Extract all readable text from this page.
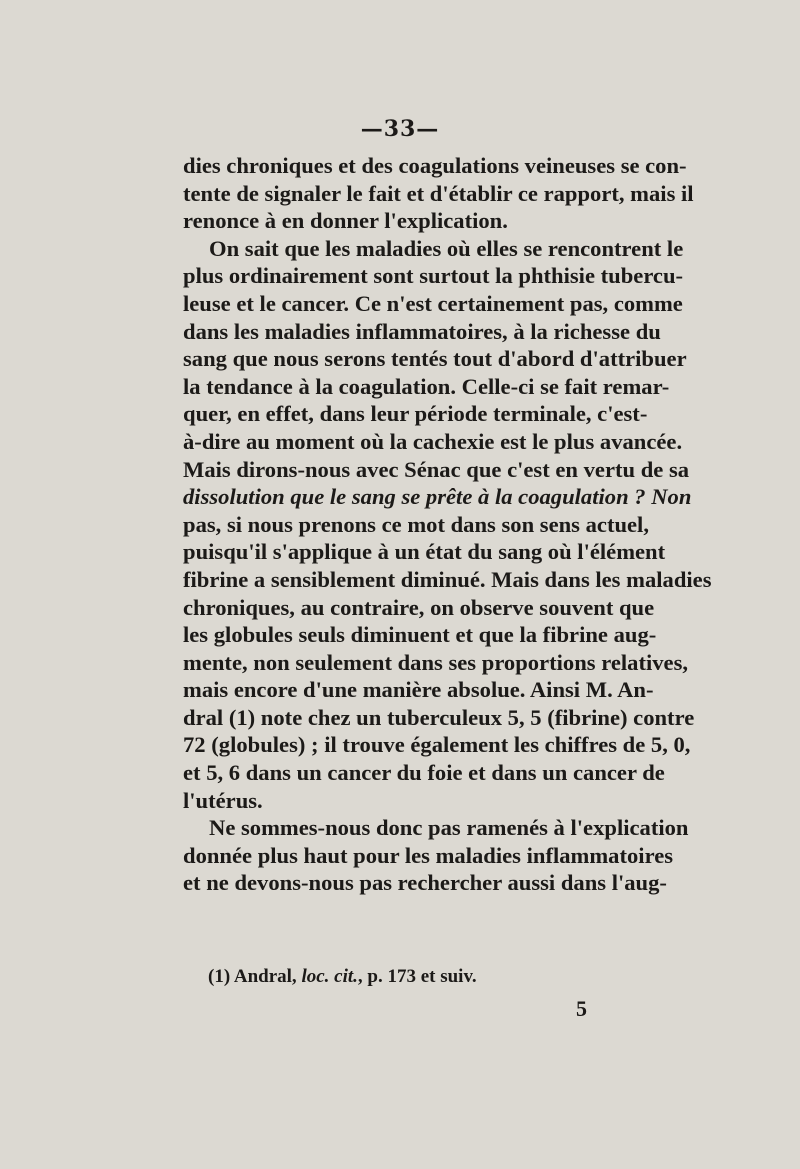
—33—
dies chroniques et des coagulations veineuses se con-
tente de signaler le fait et d'établir ce rapport, mais il
renonce à en donner l'explication.
On sait que les maladies où elles se rencontrent le
plus ordinairement sont surtout la phthisie tubercu-
leuse et le cancer. Ce n'est certainement pas, comme
dans les maladies inflammatoires, à la richesse du
sang que nous serons tentés tout d'abord d'attribuer
la tendance à la coagulation. Celle-ci se fait remar-
quer, en effet, dans leur période terminale, c'est-
à-dire au moment où la cachexie est le plus avancée.
Mais dirons-nous avec Sénac que c'est en vertu de sa
dissolution que le sang se prête à la coagulation ? Non
pas, si nous prenons ce mot dans son sens actuel,
puisqu'il s'applique à un état du sang où l'élément
fibrine a sensiblement diminué. Mais dans les maladies
chroniques, au contraire, on observe souvent que
les globules seuls diminuent et que la fibrine aug-
mente, non seulement dans ses proportions relatives,
mais encore d'une manière absolue. Ainsi M. An-
dral (1) note chez un tuberculeux 5, 5 (fibrine) contre
72 (globules) ; il trouve également les chiffres de 5, 0,
et 5, 6 dans un cancer du foie et dans un cancer de
l'utérus.
Ne sommes-nous donc pas ramenés à l'explication
donnée plus haut pour les maladies inflammatoires
et ne devons-nous pas rechercher aussi dans l'aug-
(1) Andral, loc. cit., p. 173 et suiv.
5
